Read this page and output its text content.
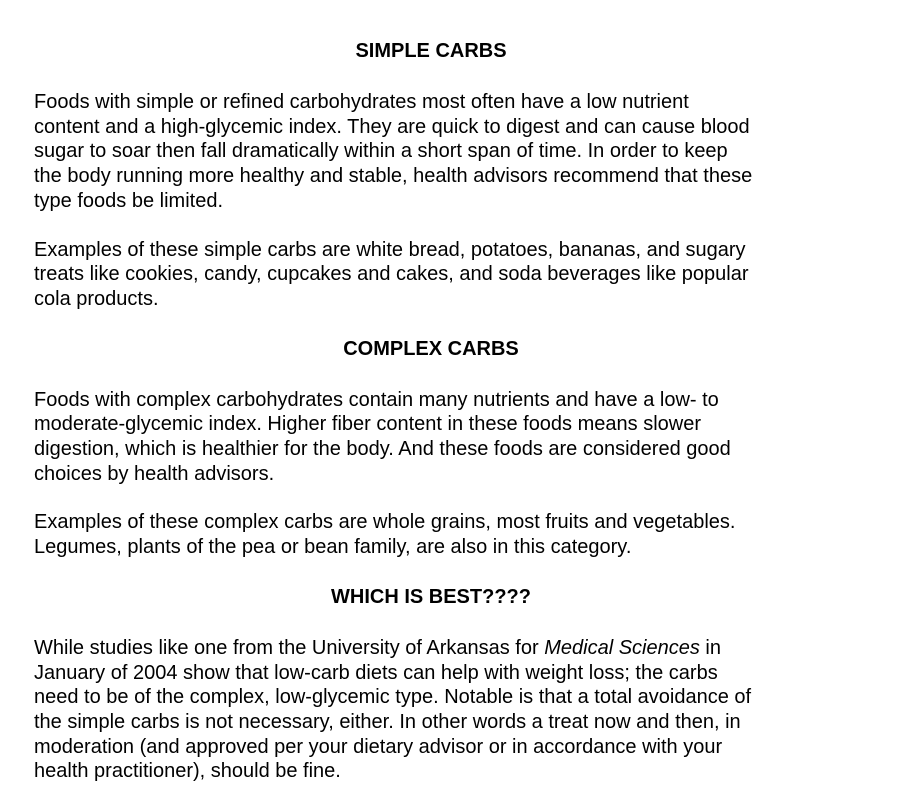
SIMPLE CARBS

Foods with simple or refined carbohydrates most often have a low nutrient
content and a high-glycemic index. They are quick to digest and can cause blood
sugar to soar then fall dramatically within a short span of time. In order to keep
the body running more healthy and stable, health advisors recommend that these
type foods be limited.

Examples of these simple carbs are white bread, potatoes, bananas, and sugary
treats like cookies, candy, cupcakes and cakes, and soda beverages like popular
cola products.

COMPLEX CARBS

Foods with complex carbohydrates contain many nutrients and have a low- to
moderate-glycemic index. Higher fiber content in these foods means slower
digestion, which is healthier for the body. And these foods are considered good
choices by health advisors.

Examples of these complex carbs are whole grains, most fruits and vegetables.
Legumes, plants of the pea or bean family, are also in this category.

WHICH IS BEST????

While studies like one from the University of Arkansas for Medical Sciences in
January of 2004 show that low-carb diets can help with weight loss; the carbs
need to be of the complex, low-glycemic type. Notable is that a total avoidance of
the simple carbs is not necessary, either. In other words a treat now and then, in
moderation (and approved per your dietary advisor or in accordance with your
health practitioner), should be fine.
